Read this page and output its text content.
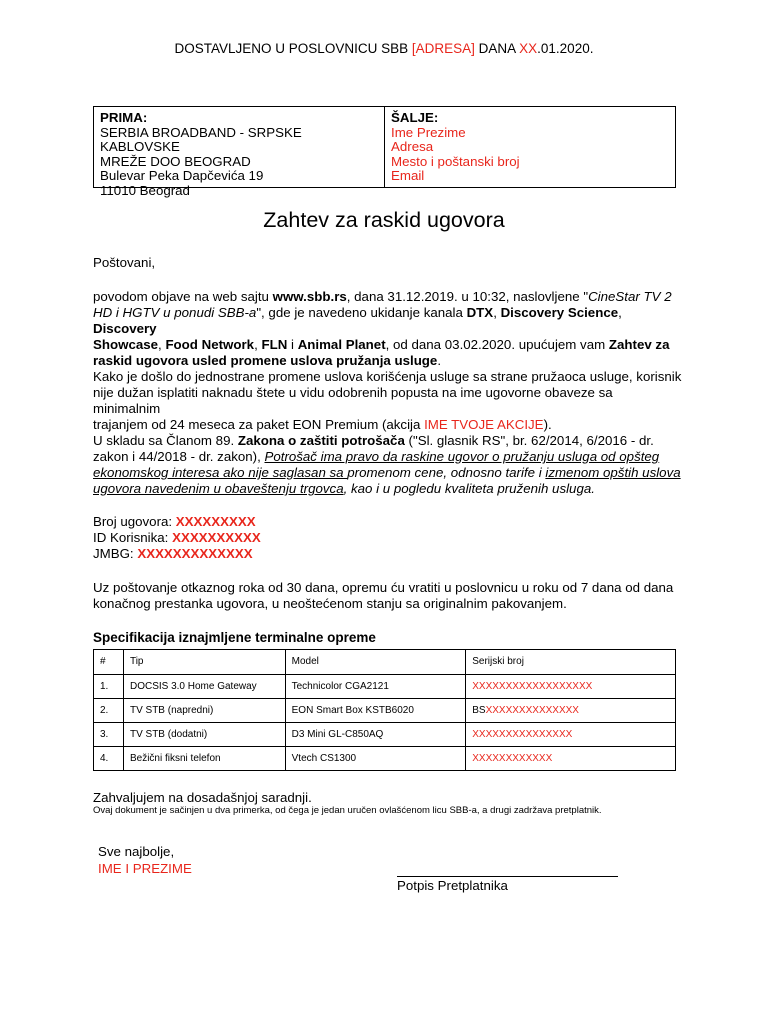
DOSTAVLJENO U POSLOVNICU SBB [ADRESA] DANA XX.01.2020.
PRIMA:
SERBIA BROADBAND - SRPSKE KABLOVSKE
MREŽE DOO BEOGRAD
Bulevar Peka Dapčevića 19
11010 Beograd
ŠALJE:
Ime Prezime
Adresa
Mesto i poštanski broj
Email
Zahtev za raskid ugovora
Poštovani,

povodom objave na web sajtu www.sbb.rs, dana 31.12.2019. u 10:32, naslovljene "CineStar TV 2

HD i HGTV u ponudi SBB-a", gde je navedeno ukidanje kanala DTX, Discovery Science, Discovery

Showcase, Food Network, FLN i Animal Planet, od dana 03.02.2020. upućujem vam Zahtev za

raskid ugovora usled promene uslova pružanja usluge.

Kako je došlo do jednostrane promene uslova korišćenja usluge sa strane pružaoca usluge, korisnik

nije dužan isplatiti naknadu štete u vidu odobrenih popusta na ime ugovorne obaveze sa minimalnim

trajanjem od 24 meseca za paket EON Premium (akcija IME TVOJE AKCIJE).

U skladu sa Članom 89. Zakona o zaštiti potrošača ("Sl. glasnik RS", br. 62/2014, 6/2016 - dr.

zakon i 44/2018 - dr. zakon), Potrošač ima pravo da raskine ugovor o pružanju usluga od opšteg

ekonomskog interesa ako nije saglasan sa promenom cene, odnosno tarife i izmenom opštih uslova

ugovora navedenim u obaveštenju trgovca, kao i u pogledu kvaliteta pruženih usluga.

Broj ugovora: XXXXXXXXX

ID Korisnika: XXXXXXXXXX

JMBG: XXXXXXXXXXXXX

Uz poštovanje otkaznog roka od 30 dana, opremu ću vratiti u poslovnicu u roku od 7 dana od dana

konačnog prestanka ugovora, u neoštećenom stanju sa originalnim pakovanjem.

Specifikacija iznajmljene terminalne opreme
#	Tip	Model	Serijski broj
1.	DOCSIS 3.0 Home Gateway	Technicolor CGA2121	XXXXXXXXXXXXXXXXXX
2.	TV STB (napredni)	EON Smart Box KSTB6020	BSXXXXXXXXXXXXXX
3.	TV STB (dodatni)	D3 Mini GL-C850AQ	XXXXXXXXXXXXXXX
4.	Bežični fiksni telefon	Vtech CS1300	XXXXXXXXXXXX
Zahvaljujem na dosadašnjoj saradnji.
Ovaj dokument je sačinjen u dva primerka, od čega je jedan uručen ovlašćenom licu SBB-a, a drugi zadržava pretplatnik.
Sve najbolje,
IME I PREZIME
Potpis Pretplatnika
